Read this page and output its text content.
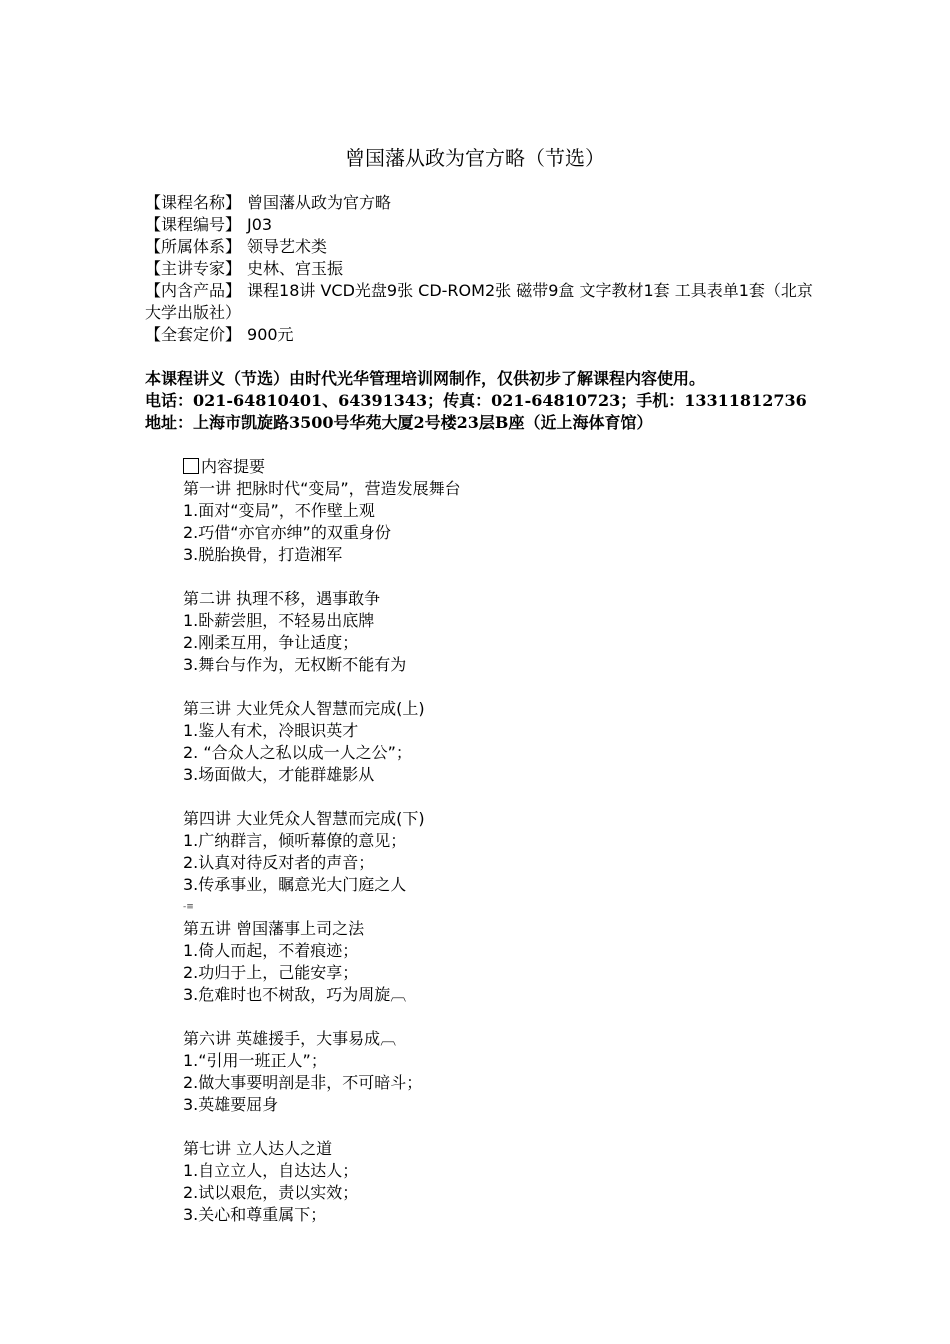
曾国藩从政为官方略（节选）
【课程名称】 曾国藩从政为官方略
【课程编号】 J03
【所属体系】 领导艺术类
【主讲专家】 史林、宫玉振
【内含产品】 课程18讲 VCD光盘9张 CD-ROM2张 磁带9盒 文字教材1套 工具表单1套（北京大学出版社）
【全套定价】 900元
本课程讲义（节选）由时代光华管理培训网制作，仅供初步了解课程内容使用。
电话：021-64810401、64391343；传真：021-64810723；手机：13311812736
地址：上海市凯旋路3500号华苑大厦2号楼23层B座（近上海体育馆）
内容提要
第一讲 把脉时代“变局”，营造发展舞台
1.面对“变局”，不作壁上观
2.巧借“亦官亦绅”的双重身份
3.脱胎换骨，打造湘军
第二讲 执理不移，遇事敢争
1.卧薪尝胆，不轻易出底牌
2.刚柔互用，争让适度；
3.舞台与作为，无权断不能有为
第三讲 大业凭众人智慧而完成(上)
1.鉴人有术，冷眼识英才
2. “合众人之私以成一人之公”；
3.场面做大，才能群雄影从
第四讲 大业凭众人智慧而完成(下)
1.广纳群言，倾听幕僚的意见；
2.认真对待反对者的声音；
3.传承事业，瞩意光大门庭之人
-≡
第五讲 曾国藩事上司之法
1.倚人而起，不着痕迹；
2.功归于上，己能安享；
3.危难时也不树敌，巧为周旋︹
第六讲 英雄援手，大事易成︹
1.“引用一班正人”；
2.做大事要明剖是非，不可暗斗；
3.英雄要屈身
第七讲 立人达人之道
1.自立立人，自达达人；
2.试以艰危，责以实效；
3.关心和尊重属下；
